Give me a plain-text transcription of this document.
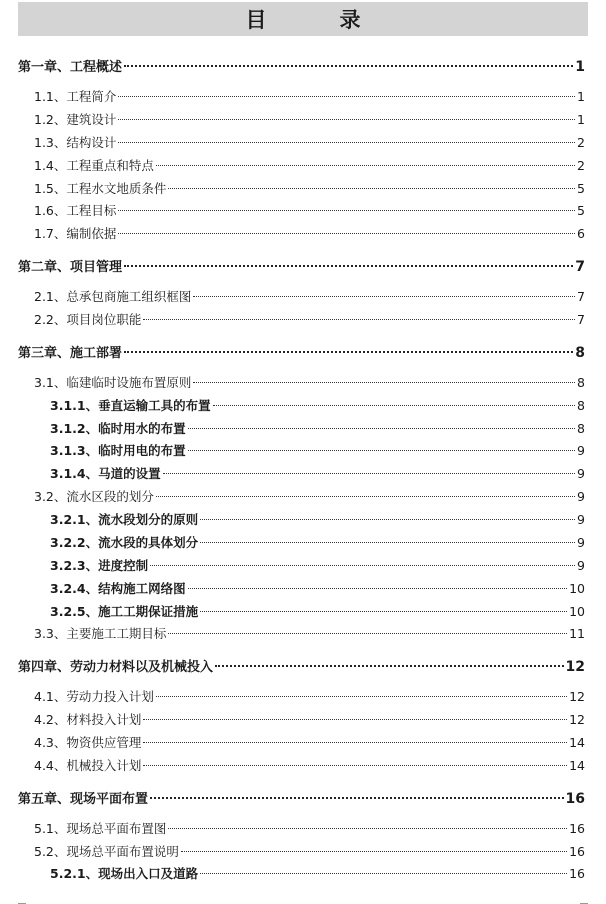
目　录
第一章、工程概述	1
1.1、工程简介	1
1.2、建筑设计	1
1.3、结构设计	2
1.4、工程重点和特点	2
1.5、工程水文地质条件	5
1.6、工程目标	5
1.7、编制依据	6
第二章、项目管理	7
2.1、总承包商施工组织框图	7
2.2、项目岗位职能	7
第三章、施工部署	8
3.1、临建临时设施布置原则	8
3.1.1、垂直运输工具的布置	8
3.1.2、临时用水的布置	8
3.1.3、临时用电的布置	9
3.1.4、马道的设置	9
3.2、流水区段的划分	9
3.2.1、流水段划分的原则	9
3.2.2、流水段的具体划分	9
3.2.3、进度控制	9
3.2.4、结构施工网络图	10
3.2.5、施工工期保证措施	10
3.3、主要施工工期目标	11
第四章、劳动力材料以及机械投入	12
4.1、劳动力投入计划	12
4.2、材料投入计划	12
4.3、物资供应管理	14
4.4、机械投入计划	14
第五章、现场平面布置	16
5.1、现场总平面布置图	16
5.2、现场总平面布置说明	16
5.2.1、现场出入口及道路	16
